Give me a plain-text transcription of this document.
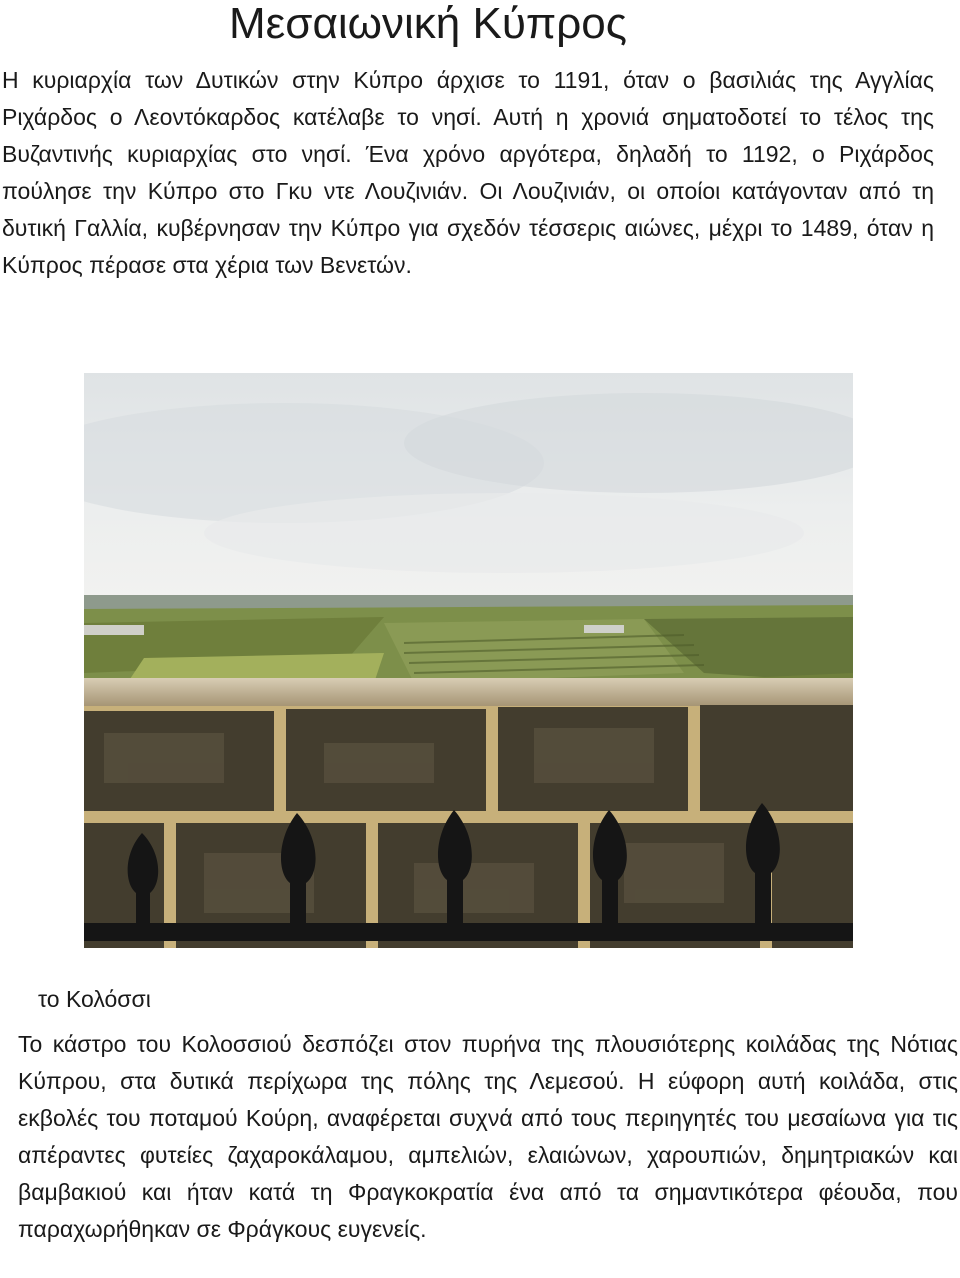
Μεσαιωνική Κύπρος

Η κυριαρχία των Δυτικών στην Κύπρο άρχισε το 1191, όταν ο βασιλιάς της Αγγλίας Ριχάρδος ο Λεοντόκαρδος κατέλαβε το νησί. Αυτή η χρονιά σηματοδοτεί το τέλος της Βυζαντινής κυριαρχίας στο νησί. Ένα χρόνο αργότερα, δηλαδή το 1192, ο Ριχάρδος πούλησε την Κύπρο στο Γκυ ντε Λουζινιάν. Οι Λουζινιάν, οι οποίοι κατάγονταν από τη δυτική Γαλλία, κυβέρνησαν την Κύπρο για σχεδόν τέσσερις αιώνες, μέχρι το 1489, όταν η Κύπρος πέρασε στα χέρια των Βενετών.

το Κολόσσι

Το κάστρο του Κολοσσιού δεσπόζει στον πυρήνα της πλουσιότερης κοιλάδας της Νότιας Κύπρου, στα δυτικά περίχωρα της πόλης της Λεμεσού. Η εύφορη αυτή κοιλάδα, στις εκβολές του ποταμού Κούρη, αναφέρεται συχνά από τους περιηγητές του μεσαίωνα για τις απέραντες φυτείες ζαχαροκάλαμου, αμπελιών, ελαιώνων, χαρουπιών, δημητριακών και βαμβακιού και ήταν κατά τη Φραγκοκρατία ένα από τα σημαντικότερα φέουδα, που παραχωρήθηκαν σε Φράγκους ευγενείς.
